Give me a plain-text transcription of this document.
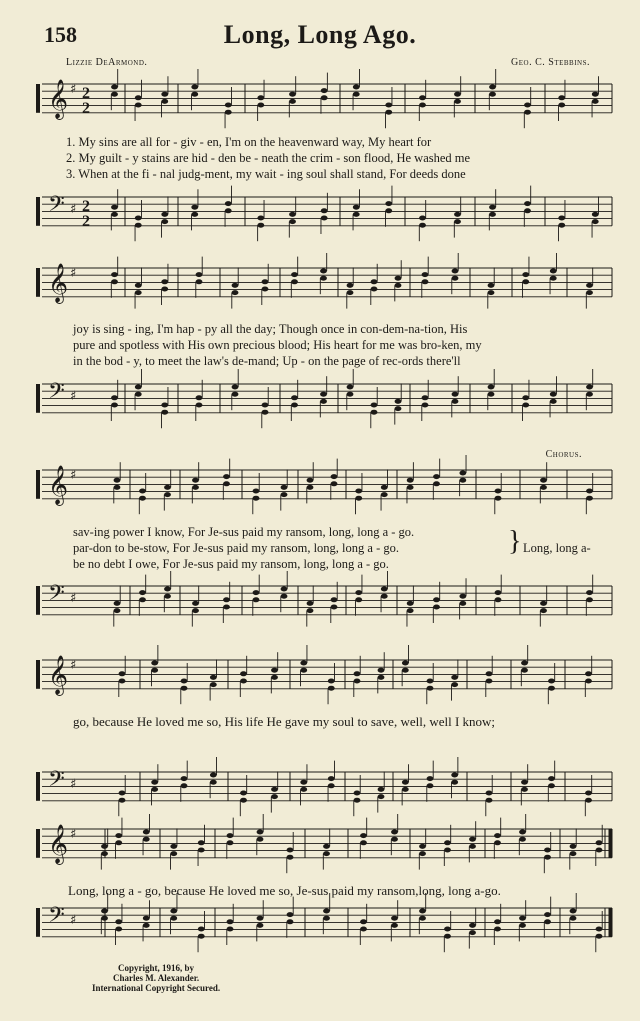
158	Long, Long Ago.
Lizzie DeArmond.	Geo. C. Stebbins.
Chorus.
𝄞 ♯ 2
2
𝄢 ♯ 2
2
𝄞 ♯
𝄢 ♯
𝄞 ♯
𝄢 ♯
𝄞 ♯
𝄢 ♯
𝄞 ♯
𝄢 ♯
1. My sins are all for - giv - en, I'm on the heavenward way, My heart for
2. My guilt - y stains are hid - den be - neath the crim - son flood, He washed me
3. When at the fi - nal judg-ment, my wait - ing soul shall stand, For deeds done
joy is sing - ing, I'm hap - py all the day; Though once in con-dem-na-tion, His
pure and spotless with His own precious blood; His heart for me was bro-ken, my
in the bod - y, to meet the law's de-mand; Up - on the page of rec-ords there'll
sav-ing power I know, For Je-sus paid my ransom, long, long a - go.
par-don to be-stow, For Je-sus paid my ransom, long, long a - go.
be no debt I owe, For Je-sus paid my ransom, long, long a - go.
} Long, long a-
go, because He loved me so, His life He gave my soul to save, well, well I know;
Long, long a - go, because He loved me so, Je-sus paid my ransom,long, long a-go.
Copyright, 1916, by
Charles M. Alexander.
International Copyright Secured.
